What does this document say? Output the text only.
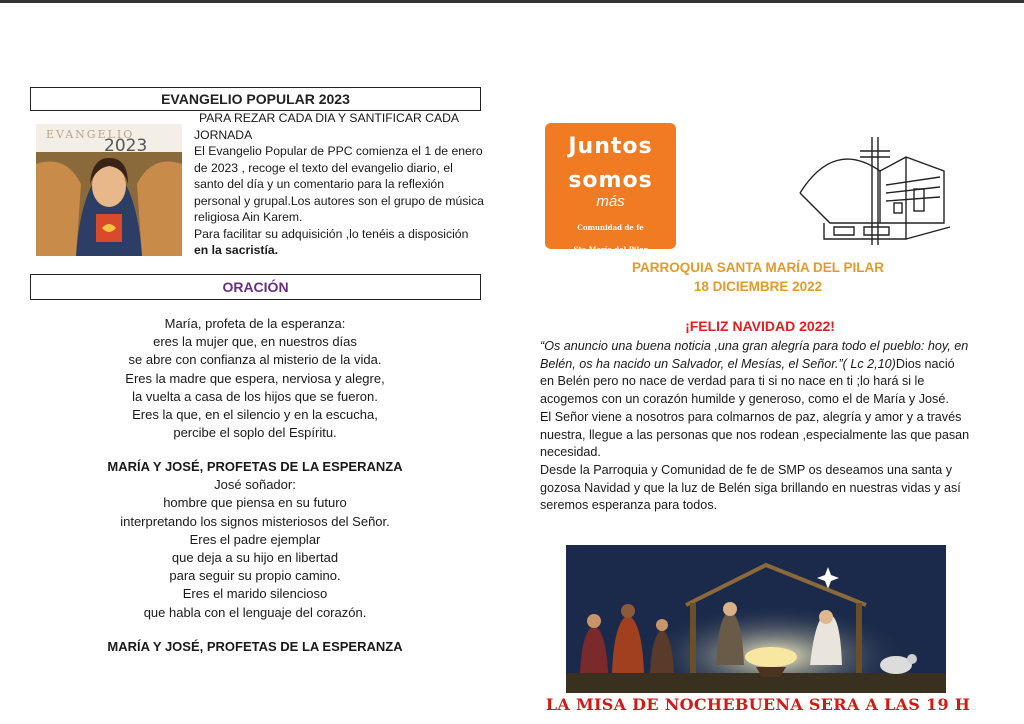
EVANGELIO POPULAR 2023
EVANGELIO
2023

PARA REZAR CADA DIA Y SANTIFICAR CADA

JORNADA

El Evangelio Popular de PPC comienza el 1 de enero de 2023 , recoge el texto del evangelio diario, el santo del día y un comentario para la reflexión personal y grupal.Los autores son el grupo de música religiosa Ain Karem.

Para facilitar su adquisición ,lo tenéis a disposición

en la sacristía.

ORACIÓN
María, profeta de la esperanza:
eres la mujer que, en nuestros días
se abre con confianza al misterio de la vida.
Eres la madre que espera, nerviosa y alegre,
la vuelta a casa de los hijos que se fueron.
Eres la que, en el silencio y en la escucha,
percibe el soplo del Espíritu.
MARÍA Y JOSÉ, PROFETAS DE LA ESPERANZA
José soñador:
hombre que piensa en su futuro
interpretando los signos misteriosos del Señor.
Eres el padre ejemplar
que deja a su hijo en libertad
para seguir su propio camino.
Eres el marido silencioso
que habla con el lenguaje del corazón.
MARÍA Y JOSÉ, PROFETAS DE LA ESPERANZA
Juntos
somos
más
Comunidad de fe
Sta María del Pilar
Marianistas
PARROQUIA SANTA MARÍA DEL PILAR
18 DICIEMBRE 2022
¡FELIZ NAVIDAD 2022!

“Os anuncio una buena noticia ,una gran alegría para todo el pueblo: hoy, en Belén, os ha nacido un Salvador, el Mesías, el Señor.”( Lc 2,10)Dios nació en Belén pero no nace de verdad para ti si no nace en ti ;lo hará si le acogemos con un corazón humilde y generoso, como el de María y José.

El Señor viene a nosotros para colmarnos de paz, alegría y amor y a través nuestra, llegue a las personas que nos rodean ,especialmente las que pasan necesidad.

Desde la Parroquia y Comunidad de fe de SMP os deseamos una santa y gozosa Navidad y que la luz de Belén siga brillando en nuestras vidas y así seremos esperanza para todos.

LA MISA DE NOCHEBUENA SERA A LAS 19 H
